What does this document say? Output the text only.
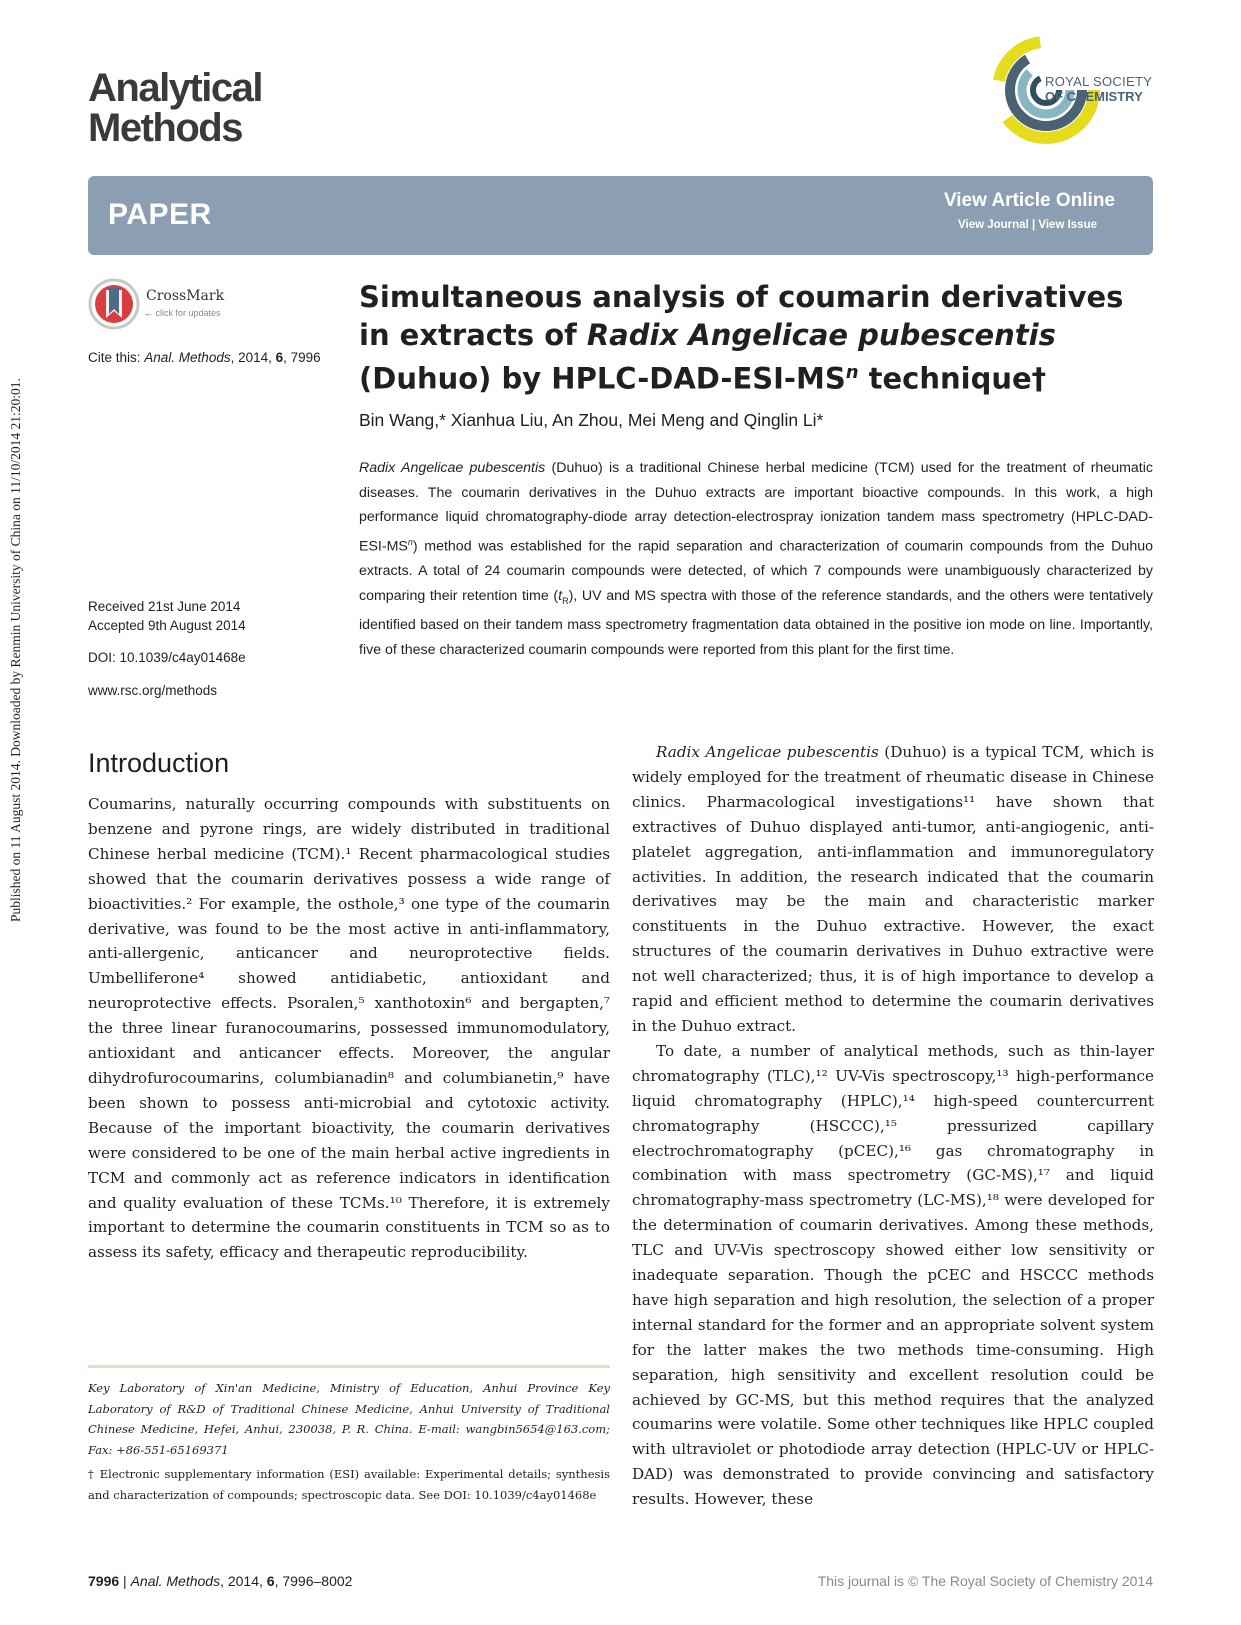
Published on 11 August 2014. Downloaded by Renmin University of China on 11/10/2014 21:20:01.
Analytical
Methods
ROYAL SOCIETY
OF CHEMISTRY
PAPER	View Article Online
View Journal | View Issue
CrossMark
← click for updates
Cite this: Anal. Methods, 2014, 6, 7996
Received 21st June 2014
Accepted 9th August 2014
DOI: 10.1039/c4ay01468e
www.rsc.org/methods
Simultaneous analysis of coumarin derivatives in extracts of Radix Angelicae pubescentis (Duhuo) by HPLC-$DAD-ESI-MS^n$ technique†
Bin Wang,* Xianhua Liu, An Zhou, Mei Meng and Qinglin Li*
Radix Angelicae pubescentis (Duhuo) is a traditional Chinese herbal medicine (TCM) used for the treatment of rheumatic diseases. The coumarin derivatives in the Duhuo extracts are important bioactive compounds. In this work, a high performance liquid chromatography-diode array detection-electrospray ionization tandem mass spectrometry $(HPLC-DAD-ESI-MS^n)$ method was established for the rapid separation and characterization of coumarin compounds from the Duhuo extracts. A total of 24 coumarin compounds were detected, of which 7 compounds were unambiguously characterized by comparing their retention time $(t_R)$, UV and MS spectra with those of the reference standards, and the others were tentatively identified based on their tandem mass spectrometry fragmentation data obtained in the positive ion mode on line. Importantly, five of these characterized coumarin compounds were reported from this plant for the first time.
Introduction

Coumarins, naturally occurring compounds with substituents on benzene and pyrone rings, are widely distributed in traditional Chinese herbal medicine (TCM).¹ Recent pharmacological studies showed that the coumarin derivatives possess a wide range of bioactivities.² For example, the osthole,³ one type of the coumarin derivative, was found to be the most active in anti-inflammatory, anti-allergenic, anticancer and neuroprotective fields. Umbelliferone⁴ showed antidiabetic, antioxidant and neuroprotective effects. Psoralen,⁵ xanthotoxin⁶ and bergapten,⁷ the three linear furanocoumarins, possessed immunomodulatory, antioxidant and anticancer effects. Moreover, the angular dihydrofurocoumarins, columbianadin⁸ and columbianetin,⁹ have been shown to possess anti-microbial and cytotoxic activity. Because of the important bioactivity, the coumarin derivatives were considered to be one of the main herbal active ingredients in TCM and commonly act as reference indicators in identification and quality evaluation of these TCMs.¹⁰ Therefore, it is extremely important to determine the coumarin constituents in TCM so as to assess its safety, efficacy and therapeutic reproducibility.

Radix Angelicae pubescentis (Duhuo) is a typical TCM, which is widely employed for the treatment of rheumatic disease in Chinese clinics. Pharmacological investigations¹¹ have shown that extractives of Duhuo displayed anti-tumor, anti-angiogenic, anti-platelet aggregation, anti-inflammation and immunoregulatory activities. In addition, the research indicated that the coumarin derivatives may be the main and characteristic marker constituents in the Duhuo extractive. However, the exact structures of the coumarin derivatives in Duhuo extractive were not well characterized; thus, it is of high importance to develop a rapid and efficient method to determine the coumarin derivatives in the Duhuo extract.

To date, a number of analytical methods, such as thin-layer chromatography (TLC),¹² UV-Vis spectroscopy,¹³ high-performance liquid chromatography (HPLC),¹⁴ high-speed countercurrent chromatography (HSCCC),¹⁵ pressurized capillary electrochromatography (pCEC),¹⁶ gas chromatography in combination with mass spectrometry (GC-MS),¹⁷ and liquid chromatography-mass spectrometry (LC-MS),¹⁸ were developed for the determination of coumarin derivatives. Among these methods, TLC and UV-Vis spectroscopy showed either low sensitivity or inadequate separation. Though the pCEC and HSCCC methods have high separation and high resolution, the selection of a proper internal standard for the former and an appropriate solvent system for the latter makes the two methods time-consuming. High separation, high sensitivity and excellent resolution could be achieved by GC-MS, but this method requires that the analyzed coumarins were volatile. Some other techniques like HPLC coupled with ultraviolet or photodiode array detection (HPLC-UV or HPLC-DAD) was demonstrated to provide convincing and satisfactory results. However, these

Key Laboratory of Xin'an Medicine, Ministry of Education, Anhui Province Key Laboratory of R&D of Traditional Chinese Medicine, Anhui University of Traditional Chinese Medicine, Hefei, Anhui, 230038, P. R. China. E-mail: wangbin5654@163.com; Fax: +86-551-65169371

† Electronic supplementary information (ESI) available: Experimental details; synthesis and characterization of compounds; spectroscopic data. See DOI: 10.1039/c4ay01468e

7996 | Anal. Methods, 2014, 6, 7996–8002	This journal is © The Royal Society of Chemistry 2014
